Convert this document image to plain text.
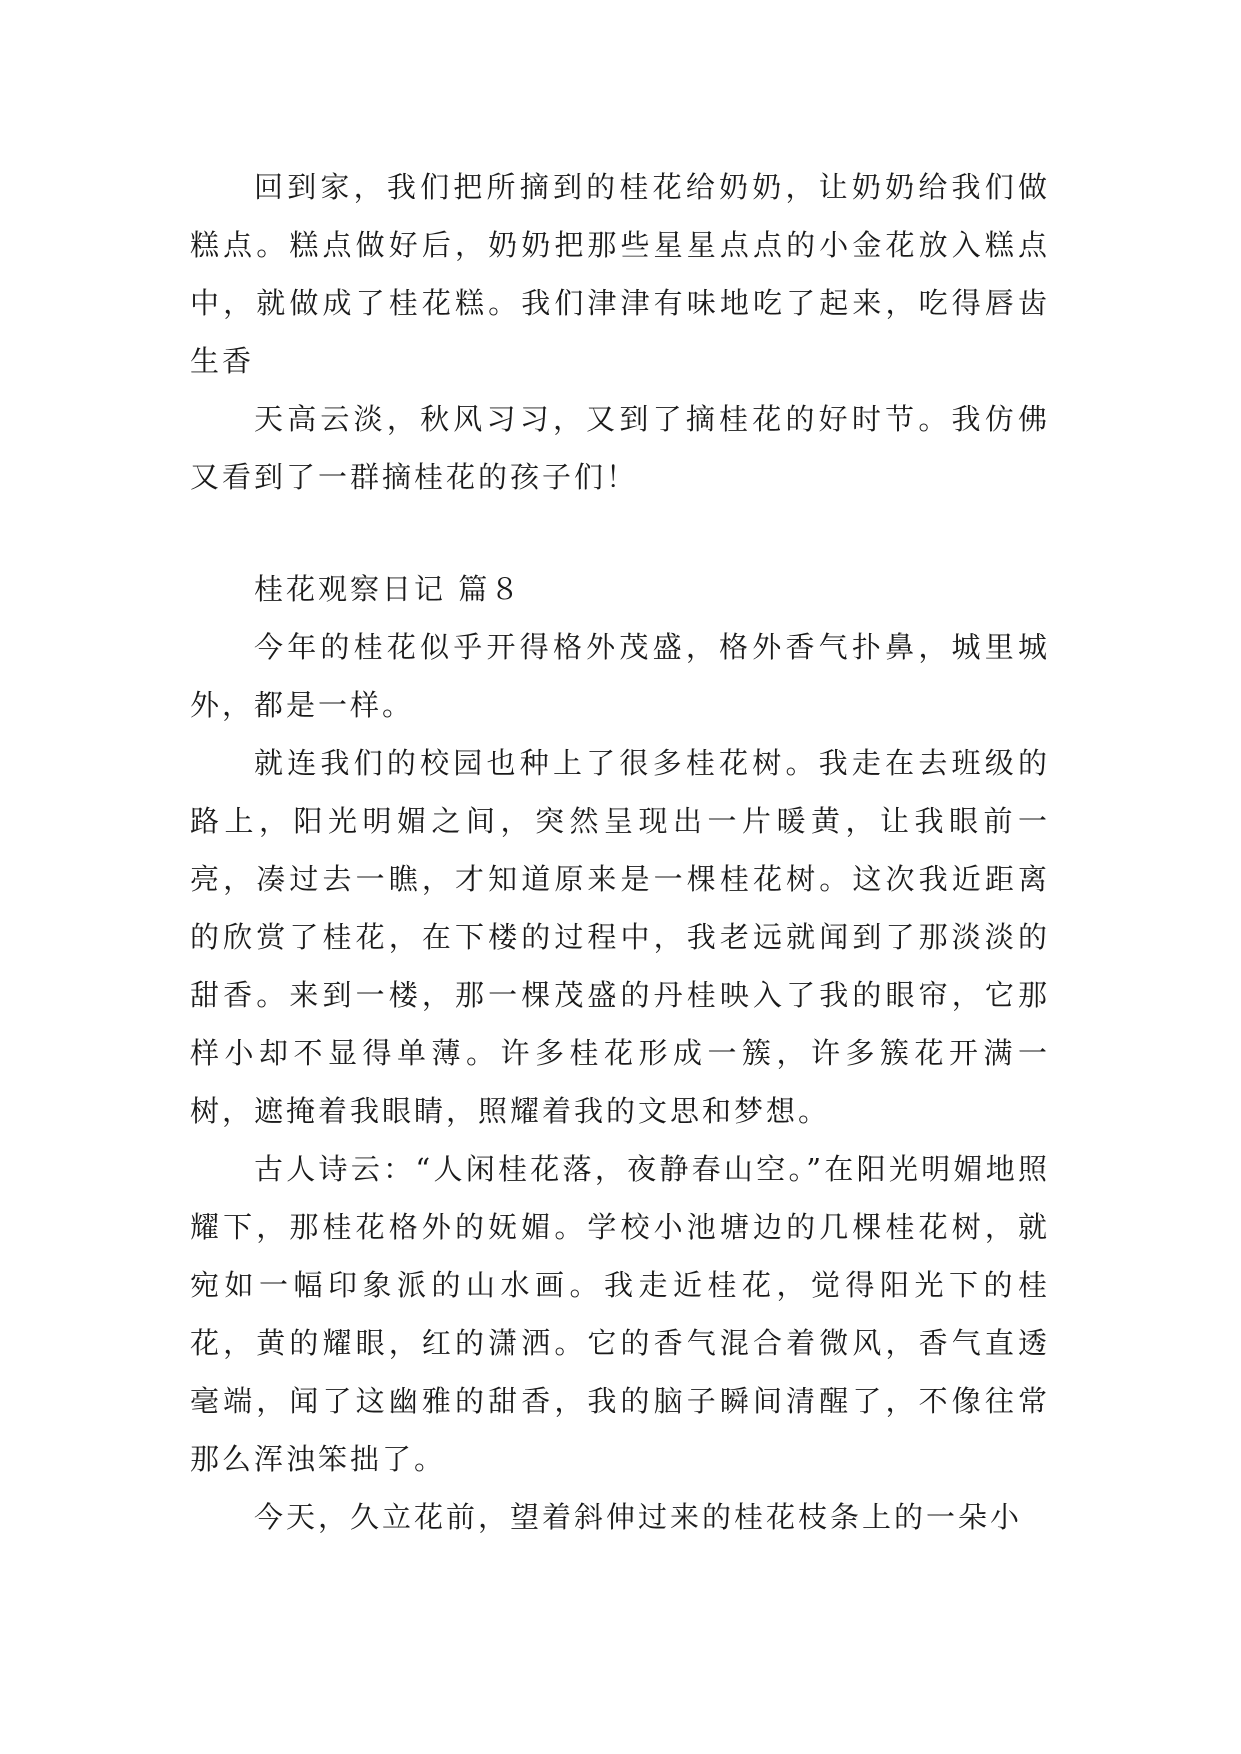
回到家，我们把所摘到的桂花给奶奶，让奶奶给我们做糕点。糕点做好后，奶奶把那些星星点点的小金花放入糕点中，就做成了桂花糕。我们津津有味地吃了起来，吃得唇齿生香

天高云淡，秋风习习，又到了摘桂花的好时节。我仿佛又看到了一群摘桂花的孩子们！

桂花观察日记 篇８

今年的桂花似乎开得格外茂盛，格外香气扑鼻，城里城外，都是一样。

就连我们的校园也种上了很多桂花树。我走在去班级的路上，阳光明媚之间，突然呈现出一片暖黄，让我眼前一亮，凑过去一瞧，才知道原来是一棵桂花树。这次我近距离的欣赏了桂花，在下楼的过程中，我老远就闻到了那淡淡的甜香。来到一楼，那一棵茂盛的丹桂映入了我的眼帘，它那样小却不显得单薄。许多桂花形成一簇，许多簇花开满一树，遮掩着我眼睛，照耀着我的文思和梦想。

古人诗云：“人闲桂花落，夜静春山空。”在阳光明媚地照耀下，那桂花格外的妩媚。学校小池塘边的几棵桂花树，就宛如一幅印象派的山水画。我走近桂花，觉得阳光下的桂花，黄的耀眼，红的潇洒。它的香气混合着微风，香气直透毫端，闻了这幽雅的甜香，我的脑子瞬间清醒了，不像往常那么浑浊笨拙了。

今天，久立花前，望着斜伸过来的桂花枝条上的一朵小
